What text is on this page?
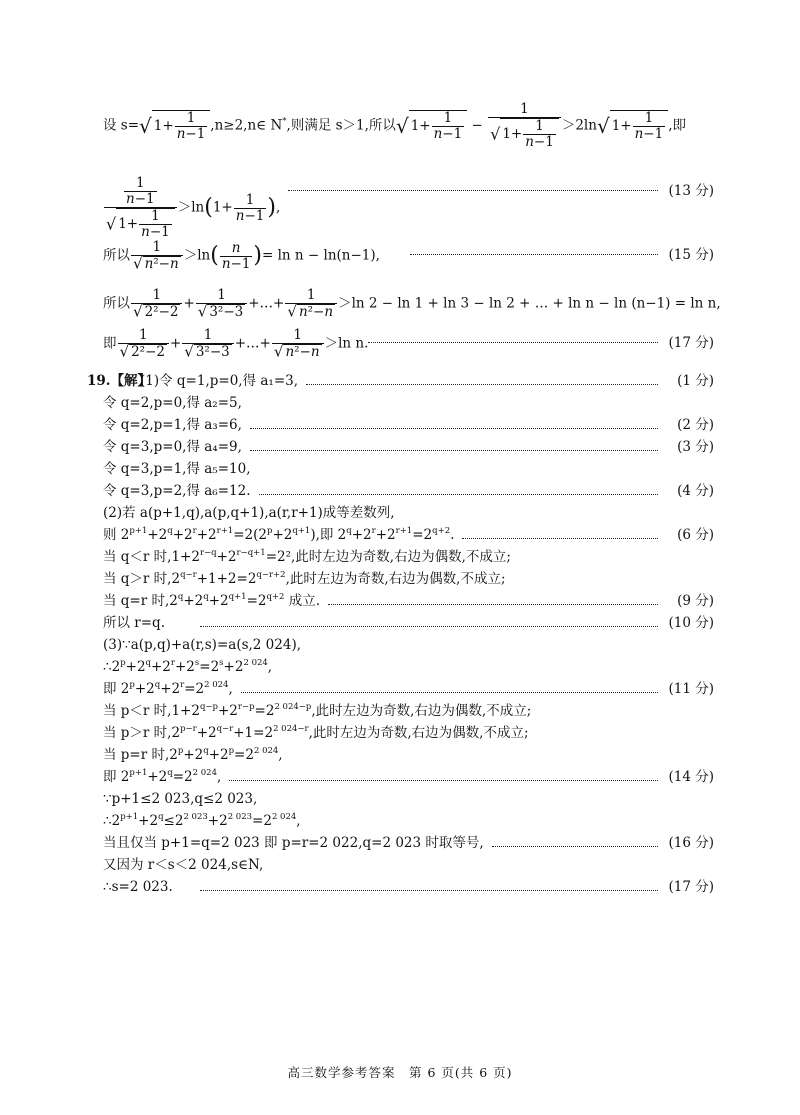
设 s=√ $1+ \frac{1}{n-1}$ ,n≥2,n∈ N*,则满足 s＞1,所以√ $1+ \frac{1}{n-1} - \frac{1}{√ 1+ \frac{1}{n-1}} >2\ln√$ $1+ \frac{1}{n-1}$ ,即
$\frac{\frac{1}{n-1}}{√ 1+ \frac{1}{n-1}} >\ln(1+ \frac{1}{n-1}$ ),
(13 分)
所以 $\frac{1}{\text{√ n²−n}} >\ln( \frac{n}{n-1}$ )= ln n − ln(n−1),	(15 分)
所以 $\frac{1}{\text{√ 2²−2}} + \frac{1}{\text{√ 3²−3}}$ +…+ $\frac{1}{\text{√ n²−n}} >\ln$ 2 − ln 1 + ln 3 − ln 2 + … + ln n − ln (n−1) = ln n,
即 $\frac{1}{\text{√ 2²−2}} + \frac{1}{\text{√ 3²−3}}$ +…+ $\frac{1}{\text{√ n²−n}} >\ln$ n.	(17 分)
19.【解】
(1)令 q=1,p=0,得 a₁=3,	(1 分)
令 q=2,p=0,得 a₂=5,
令 q=2,p=1,得 a₃=6,	(2 分)
令 q=3,p=0,得 a₄=9,	(3 分)
令 q=3,p=1,得 a₅=10,
令 q=3,p=2,得 a₆=12.	(4 分)
(2)若 a(p+1,q),a(p,q+1),a(r,r+1)成等差数列,
则 $2^{p+1}+2^q+2^r+2^{r+1}=2(2^p+2^{q+1})$,即 $2^q+2^r+2^{r+1}=2^{q+2}$.	(6 分)
当 q＜r 时$,1+2^{r-q}+2^{r-q+1}=2^2$,此时左边为奇数,右边为偶数,不成立;
当 q＞r 时$,2^{q-r}+1+2=2^{q-r+2}$,此时左边为奇数,右边为偶数,不成立;
当 q=r 时$,2^q+2^q+2^{q+1}=2^{q+2}$ 成立.	(9 分)
所以 r=q.	(10 分)
(3)∵a(p,q)+a(r,s)=a(s,2 024),
$\therefore 2^p+2^q+2^r+2^s=2^s+2^{2 024}$,
即 $2^p+2^q+2^r=2^{2 024}$,	(11 分)
当 p＜r 时$,1+2^{q-p}+2^{r-p}=2^{2 024-p}$,此时左边为奇数,右边为偶数,不成立;
当 p＞r 时$,2^{p-r}+2^{q-r}+1=2^{2 024-r}$,此时左边为奇数,右边为偶数,不成立;
当 p=r 时$,2^p+2^q+2^p=2^{2 024}$,
即 $2^{p+1}+2^q=2^{2 024}$,	(14 分)
∵p+1≤2 023,q≤2 023,
$\therefore 2^{p+1}+2^q\le 2^{2 023}+2^{2 023}=2^{2 024}$,
当且仅当 p+1=q=2 023 即 p=r=2 022,q=2 023 时取等号,	(16 分)
又因为 r＜s＜2 024,s∈N,
∴s=2 023.	(17 分)
高三数学参考答案　第 6 页(共 6 页)
